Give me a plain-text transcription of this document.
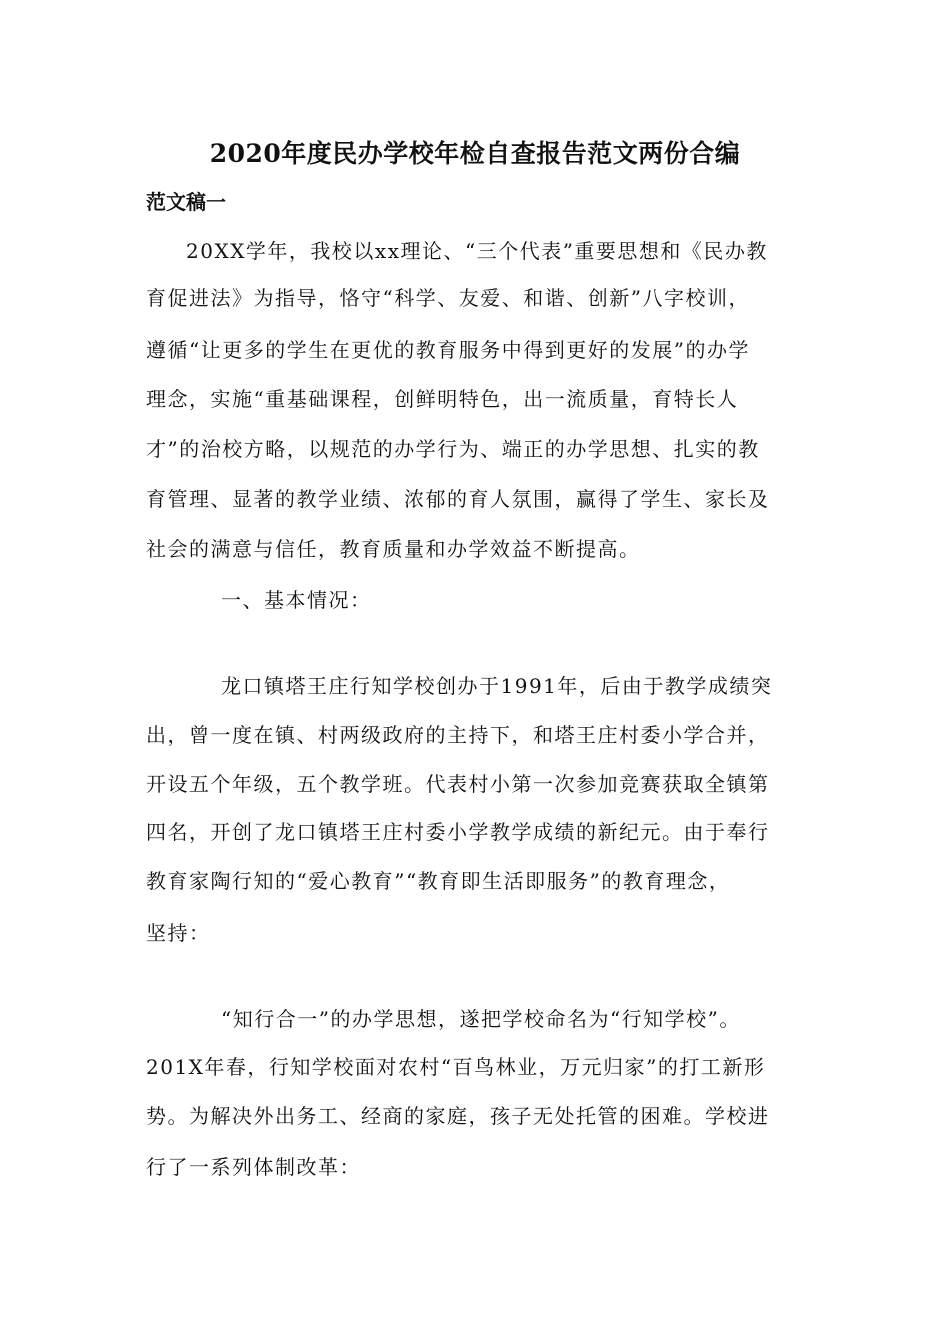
2020年度民办学校年检自查报告范文两份合编
范文稿一
20XX学年，我校以xx理论、“三个代表”重要思想和《民办教
育促进法》为指导，恪守“科学、友爱、和谐、创新”八字校训，
遵循“让更多的学生在更优的教育服务中得到更好的发展”的办学
理念，实施“重基础课程，创鲜明特色，出一流质量，育特长人
才”的治校方略，以规范的办学行为、端正的办学思想、扎实的教
育管理、显著的教学业绩、浓郁的育人氛围，赢得了学生、家长及
社会的满意与信任，教育质量和办学效益不断提高。
一、基本情况：
龙口镇塔王庄行知学校创办于1991年，后由于教学成绩突
出，曾一度在镇、村两级政府的主持下，和塔王庄村委小学合并，
开设五个年级，五个教学班。代表村小第一次参加竞赛获取全镇第
四名，开创了龙口镇塔王庄村委小学教学成绩的新纪元。由于奉行
教育家陶行知的“爱心教育”“教育即生活即服务”的教育理念，
坚持：
“知行合一”的办学思想，遂把学校命名为“行知学校”。
201X年春，行知学校面对农村“百鸟林业，万元归家”的打工新形
势。为解决外出务工、经商的家庭，孩子无处托管的困难。学校进
行了一系列体制改革：
